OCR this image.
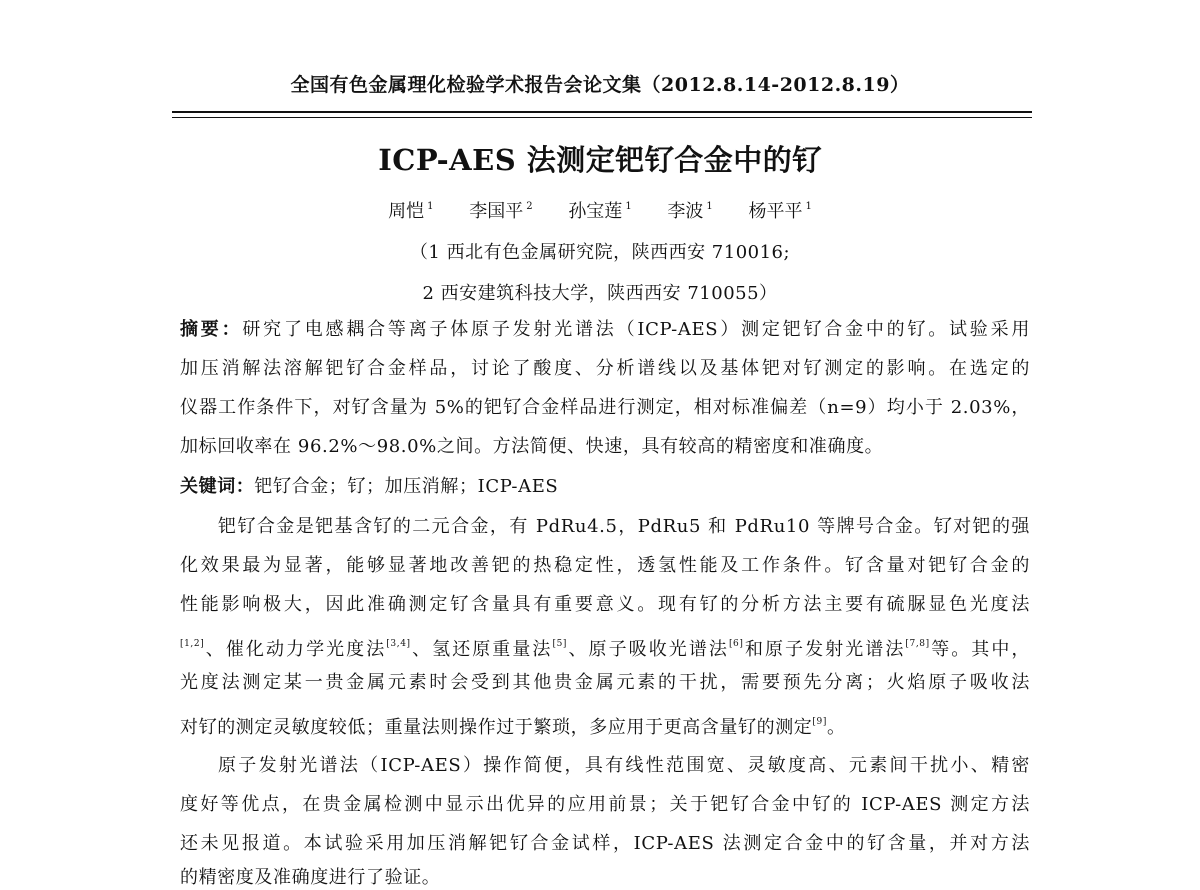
全国有色金属理化检验学术报告会论文集（2012.8.14-2012.8.19）
ICP-AES 法测定钯钌合金中的钌
周恺 $^1$ 李国平 $^2$ 孙宝莲 $^1$ 李波 $^1$ 杨平平 $^1$
（1 西北有色金属研究院，陕西西安 710016;
2 西安建筑科技大学，陕西西安 710055）
摘要：研究了电感耦合等离子体原子发射光谱法（ICP-AES）测定钯钌合金中的钌。试验采用
加压消解法溶解钯钌合金样品，讨论了酸度、分析谱线以及基体钯对钌测定的影响。在选定的
仪器工作条件下，对钌含量为 5%的钯钌合金样品进行测定，相对标准偏差（n=9）均小于 2.03%，
加标回收率在 96.2%～98.0%之间。方法简便、快速，具有较高的精密度和准确度。
关键词：钯钌合金；钌；加压消解；ICP-AES
钯钌合金是钯基含钌的二元合金，有 PdRu4.5，PdRu5 和 PdRu10 等牌号合金。钌对钯的强
化效果最为显著，能够显著地改善钯的热稳定性，透氢性能及工作条件。钌含量对钯钌合金的
性能影响极大，因此准确测定钌含量具有重要意义。现有钌的分析方法主要有硫脲显色光度法
[1,2]、催化动力学光度法[3,4]、氢还原重量法[5]、原子吸收光谱法[6]和原子发射光谱法[7,8]等。其中，
光度法测定某一贵金属元素时会受到其他贵金属元素的干扰，需要预先分离；火焰原子吸收法
对钌的测定灵敏度较低；重量法则操作过于繁琐，多应用于更高含量钌的测定[9]。
原子发射光谱法（ICP-AES）操作简便，具有线性范围宽、灵敏度高、元素间干扰小、精密
度好等优点，在贵金属检测中显示出优异的应用前景；关于钯钌合金中钌的 ICP-AES 测定方法
还未见报道。本试验采用加压消解钯钌合金试样，ICP-AES 法测定合金中的钌含量，并对方法
的精密度及准确度进行了验证。
